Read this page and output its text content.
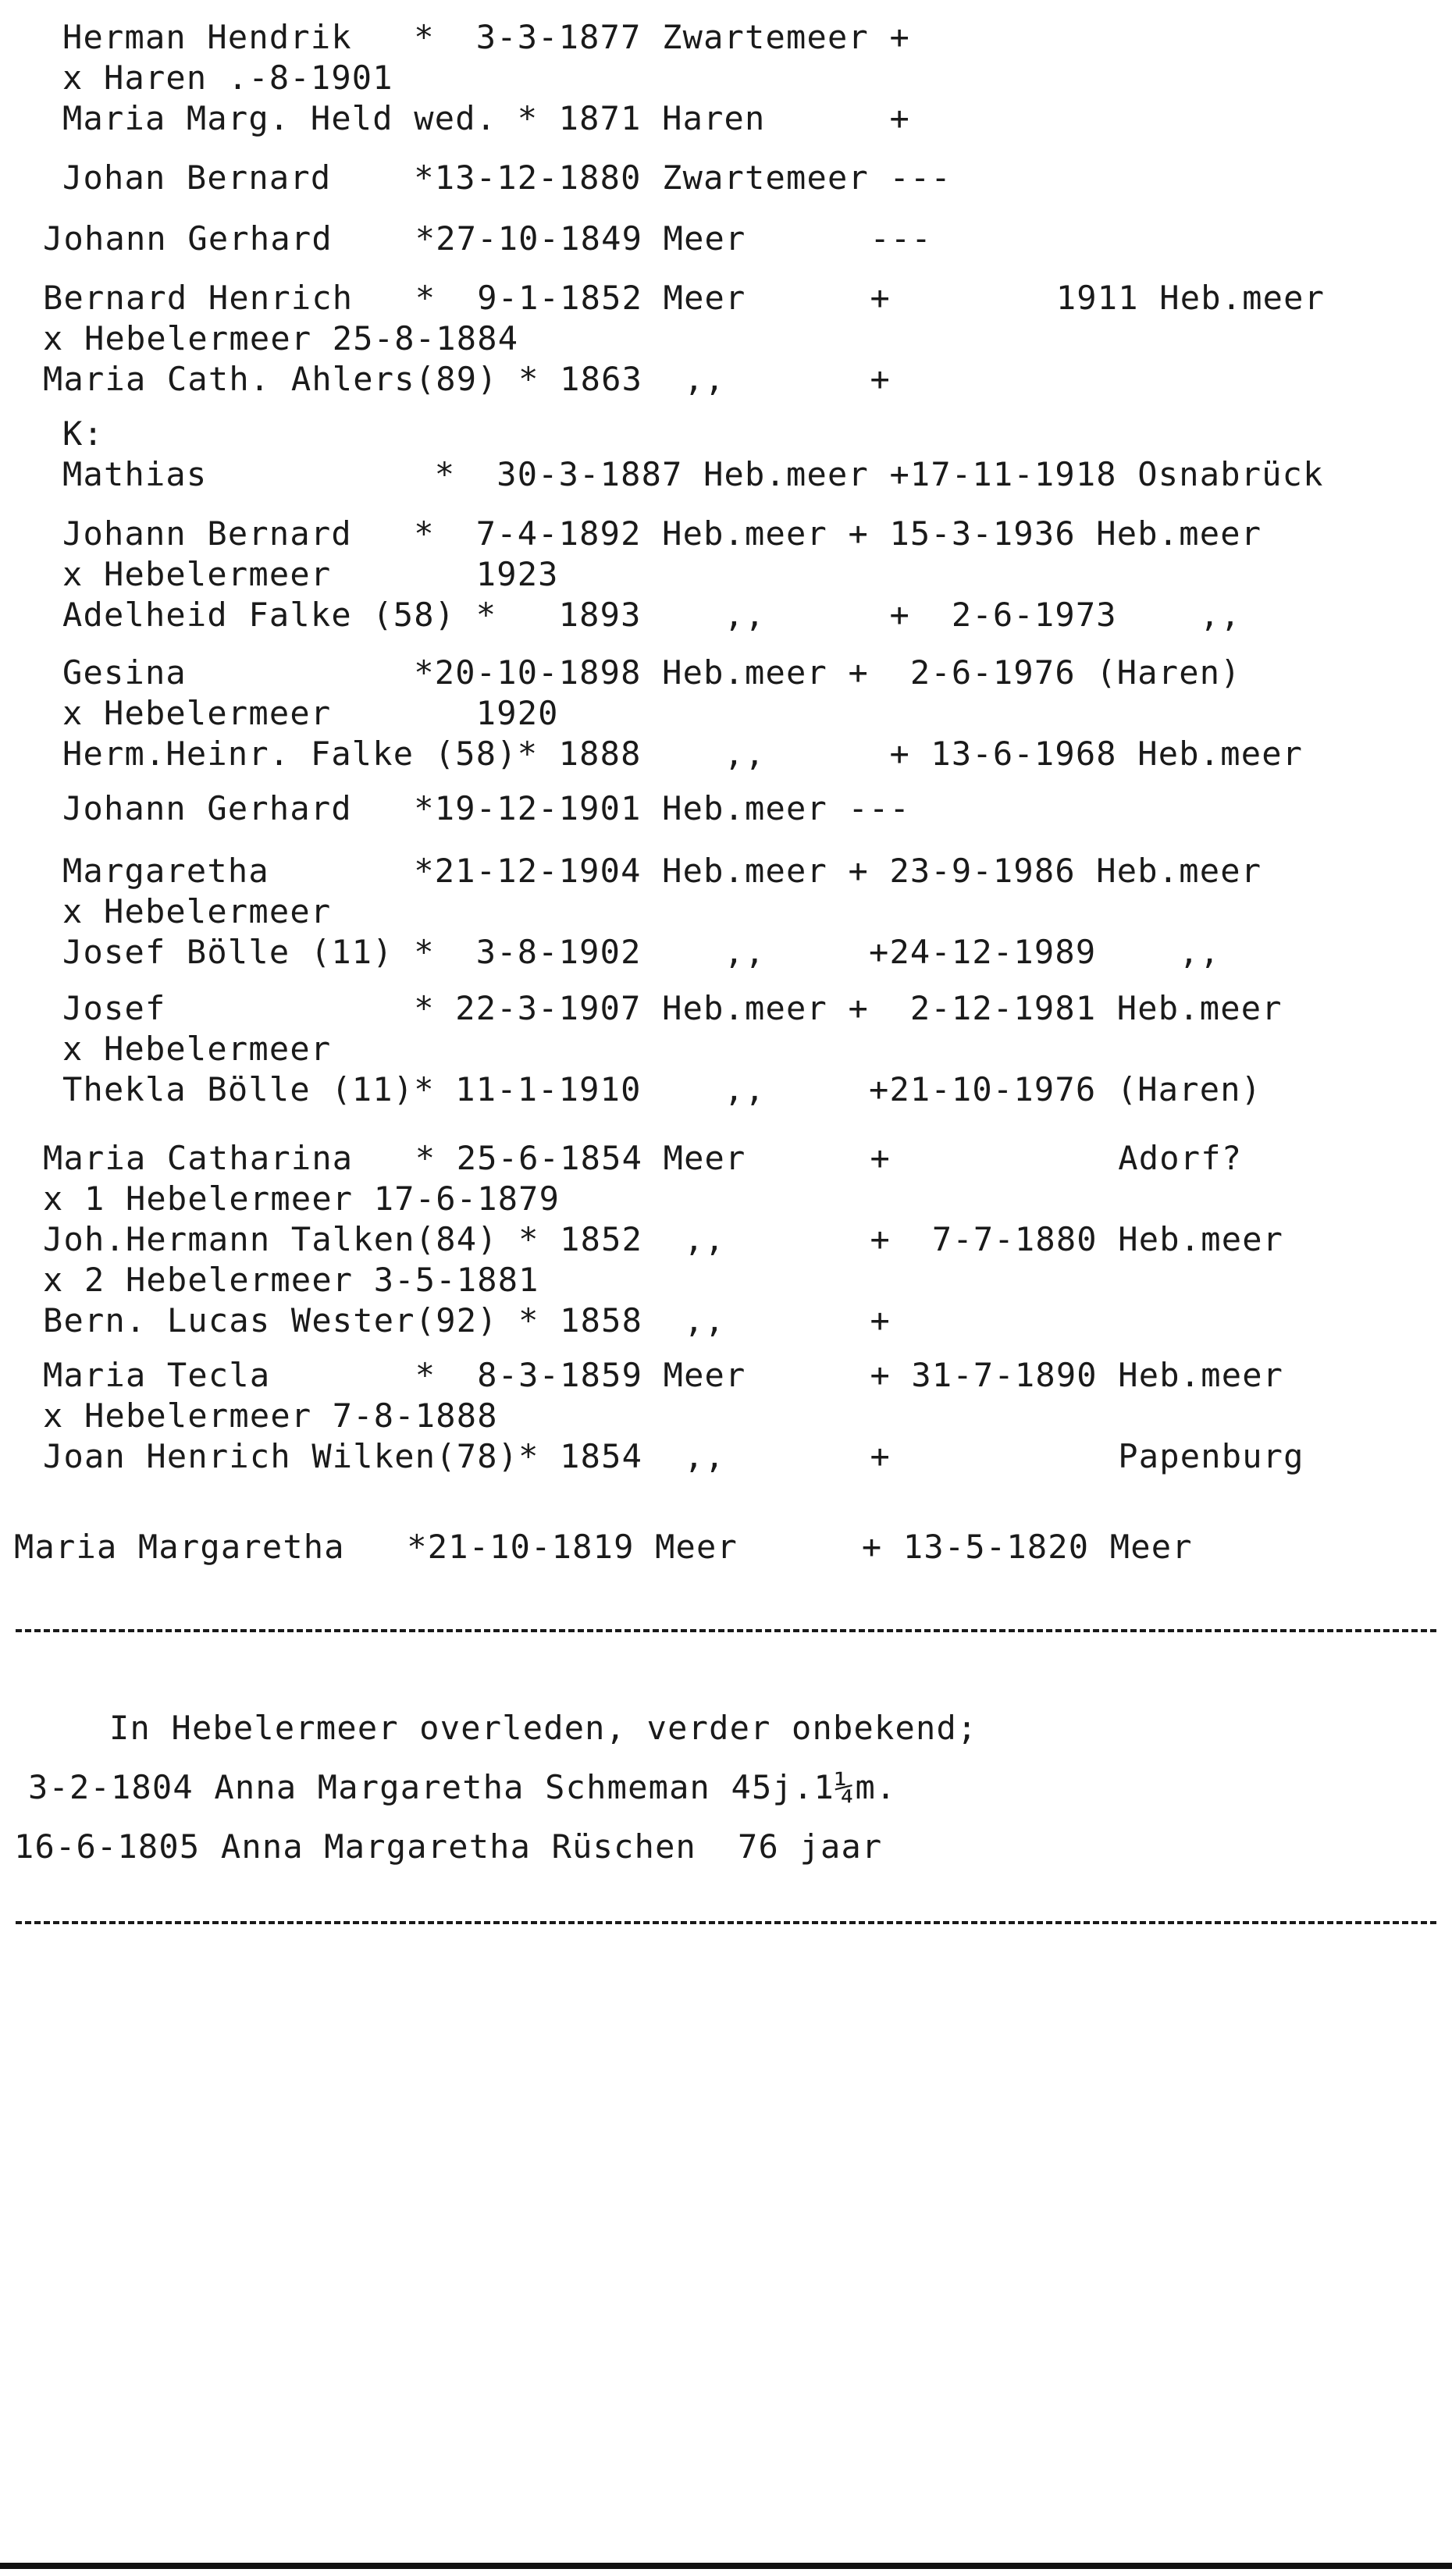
Herman Hendrik   *  3-3-1877 Zwartemeer +

x Haren .-8-1901

Maria Marg. Held wed. * 1871 Haren      +

Johan Bernard    *13-12-1880 Zwartemeer ---

Johann Gerhard    *27-10-1849 Meer      ---

Bernard Henrich   *  9-1-1852 Meer      +        1911 Heb.meer

x Hebelermeer 25-8-1884

Maria Cath. Ahlers(89) * 1863  ,,       +

K:

Mathias           *  30-3-1887 Heb.meer +17-11-1918 Osnabrück

Johann Bernard   *  7-4-1892 Heb.meer + 15-3-1936 Heb.meer

x Hebelermeer       1923

Adelheid Falke (58) *   1893    ,,      +  2-6-1973    ,,

Gesina           *20-10-1898 Heb.meer +  2-6-1976 (Haren)

x Hebelermeer       1920

Herm.Heinr. Falke (58)* 1888    ,,      + 13-6-1968 Heb.meer

Johann Gerhard   *19-12-1901 Heb.meer ---

Margaretha       *21-12-1904 Heb.meer + 23-9-1986 Heb.meer

x Hebelermeer

Josef Bölle (11) *  3-8-1902    ,,     +24-12-1989    ,,

Josef            * 22-3-1907 Heb.meer +  2-12-1981 Heb.meer

x Hebelermeer

Thekla Bölle (11)* 11-1-1910    ,,     +21-10-1976 (Haren)

Maria Catharina   * 25-6-1854 Meer      +           Adorf?

x 1 Hebelermeer 17-6-1879

Joh.Hermann Talken(84) * 1852  ,,       +  7-7-1880 Heb.meer

x 2 Hebelermeer 3-5-1881

Bern. Lucas Wester(92) * 1858  ,,       +

Maria Tecla       *  8-3-1859 Meer      + 31-7-1890 Heb.meer

x Hebelermeer 7-8-1888

Joan Henrich Wilken(78)* 1854  ,,       +           Papenburg

Maria Margaretha   *21-10-1819 Meer      + 13-5-1820 Meer

In Hebelermeer overleden, verder onbekend;

3-2-1804 Anna Margaretha Schmeman 45j.1¼m.

16-6-1805 Anna Margaretha Rüschen  76 jaar
